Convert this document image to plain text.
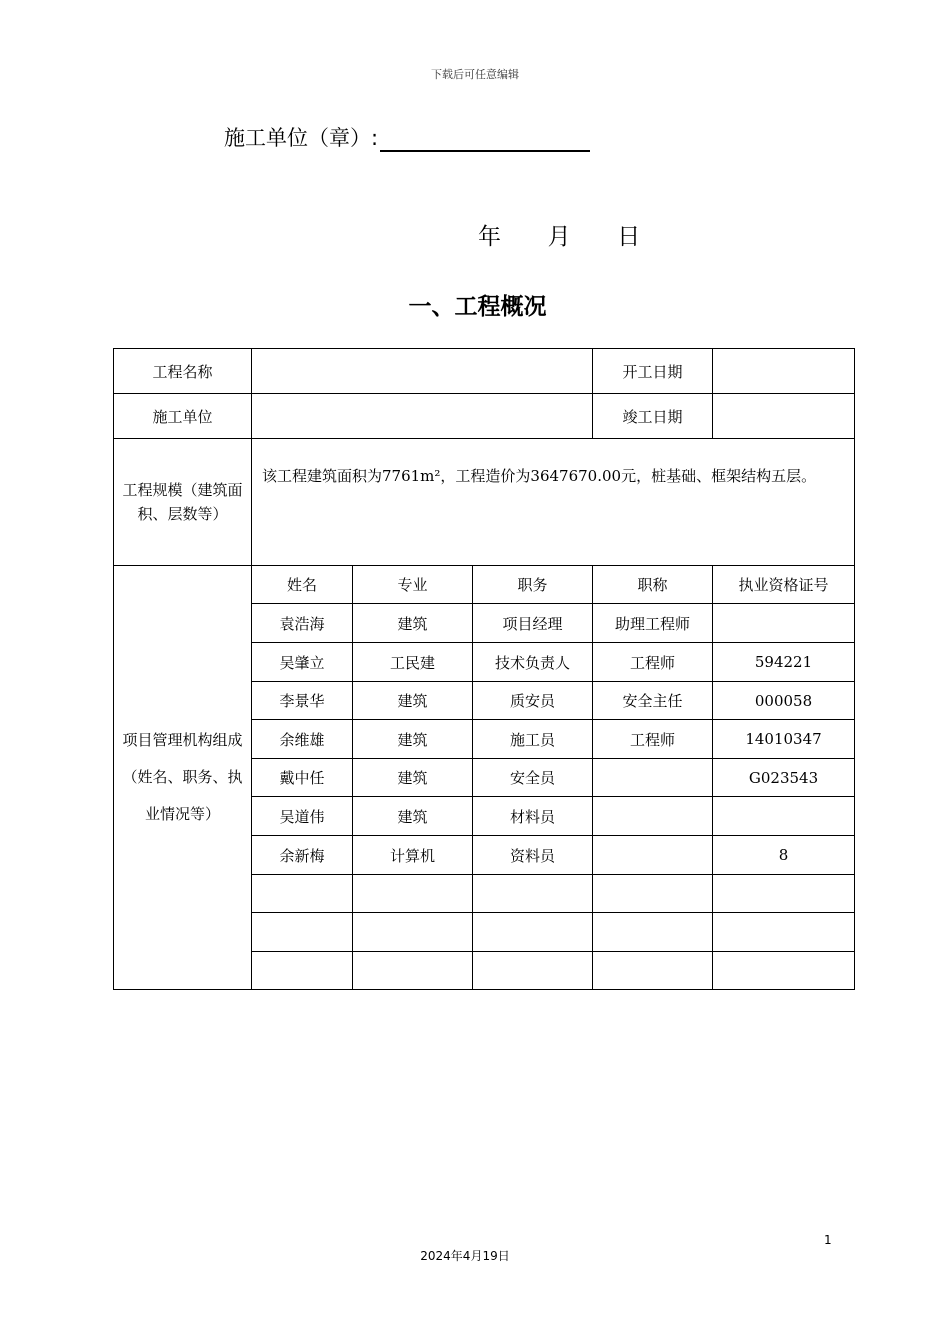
下载后可任意编辑
施工单位（章）:
年 月 日
一、工程概况
工程名称				开工日期	
施工单位				竣工日期	
工程规模（建筑面积、层数等）	该工程建筑面积为7761m²，工程造价为3647670.00元，桩基础、框架结构五层。				
项目管理机构组成（姓名、职务、执业情况等）	姓名	专业	职务	职称	执业资格证号
	袁浩海	建筑	项目经理	助理工程师	
	吴肇立	工民建	技术负责人	工程师	594221
	李景华	建筑	质安员	安全主任	000058
	余维雄	建筑	施工员	工程师	14010347
	戴中任	建筑	安全员		G023543
	吴道伟	建筑	材料员		
	余新梅	计算机	资料员		8

1
2024年4月19日
